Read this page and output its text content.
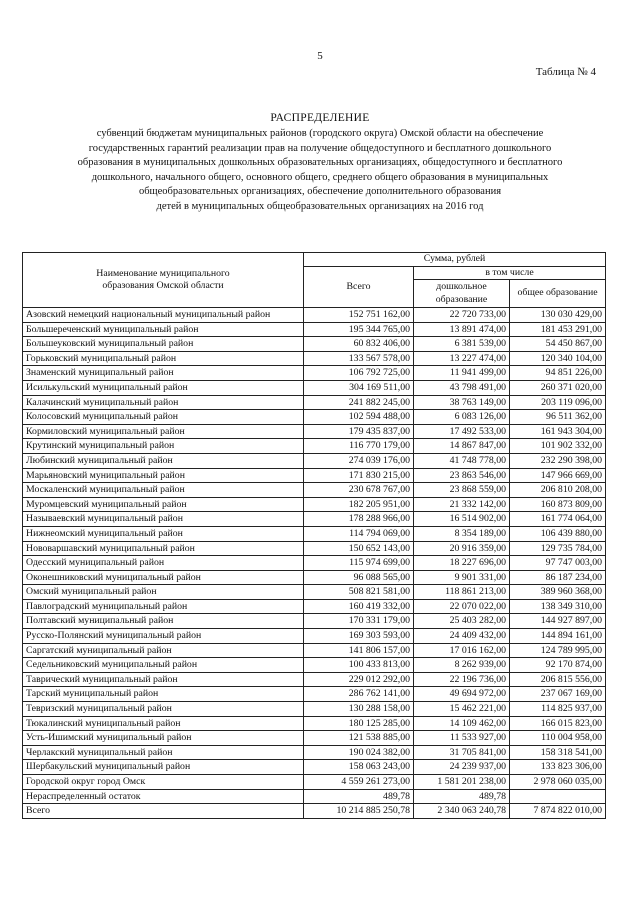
5
Таблица № 4
РАСПРЕДЕЛЕНИЕ
субвенций бюджетам муниципальных районов (городского округа) Омской области на обеспечение
государственных гарантий реализации прав на получение общедоступного и бесплатного дошкольного
образования в муниципальных дошкольных образовательных организациях, общедоступного и бесплатного
дошкольного, начального общего, основного общего, среднего общего образования в муниципальных
общеобразовательных организациях, обеспечение дополнительного образования
детей в муниципальных общеобразовательных организациях на 2016 год
Наименование муниципального образования Омской области	Сумма, рублей		
	Всего	в том числе	
		дошкольное образование	общее образование
Азовский немецкий национальный муниципальный район	152 751 162,00	22 720 733,00	130 030 429,00
Большереченский муниципальный район	195 344 765,00	13 891 474,00	181 453 291,00
Большеуковский муниципальный район	60 832 406,00	6 381 539,00	54 450 867,00
Горьковский муниципальный район	133 567 578,00	13 227 474,00	120 340 104,00
Знаменский муниципальный район	106 792 725,00	11 941 499,00	94 851 226,00
Исилькульский муниципальный район	304 169 511,00	43 798 491,00	260 371 020,00
Калачинский муниципальный район	241 882 245,00	38 763 149,00	203 119 096,00
Колосовский муниципальный район	102 594 488,00	6 083 126,00	96 511 362,00
Кормиловский муниципальный район	179 435 837,00	17 492 533,00	161 943 304,00
Крутинский муниципальный район	116 770 179,00	14 867 847,00	101 902 332,00
Любинский муниципальный район	274 039 176,00	41 748 778,00	232 290 398,00
Марьяновский муниципальный район	171 830 215,00	23 863 546,00	147 966 669,00
Москаленский муниципальный район	230 678 767,00	23 868 559,00	206 810 208,00
Муромцевский муниципальный район	182 205 951,00	21 332 142,00	160 873 809,00
Называевский муниципальный район	178 288 966,00	16 514 902,00	161 774 064,00
Нижнеомский муниципальный район	114 794 069,00	8 354 189,00	106 439 880,00
Нововаршавский муниципальный район	150 652 143,00	20 916 359,00	129 735 784,00
Одесский муниципальный район	115 974 699,00	18 227 696,00	97 747 003,00
Оконешниковский муниципальный район	96 088 565,00	9 901 331,00	86 187 234,00
Омский муниципальный район	508 821 581,00	118 861 213,00	389 960 368,00
Павлоградский муниципальный район	160 419 332,00	22 070 022,00	138 349 310,00
Полтавский муниципальный район	170 331 179,00	25 403 282,00	144 927 897,00
Русско-Полянский муниципальный район	169 303 593,00	24 409 432,00	144 894 161,00
Саргатский муниципальный район	141 806 157,00	17 016 162,00	124 789 995,00
Седельниковский муниципальный район	100 433 813,00	8 262 939,00	92 170 874,00
Таврический муниципальный район	229 012 292,00	22 196 736,00	206 815 556,00
Тарский муниципальный район	286 762 141,00	49 694 972,00	237 067 169,00
Тевризский муниципальный район	130 288 158,00	15 462 221,00	114 825 937,00
Тюкалинский муниципальный район	180 125 285,00	14 109 462,00	166 015 823,00
Усть-Ишимский муниципальный район	121 538 885,00	11 533 927,00	110 004 958,00
Черлакский муниципальный район	190 024 382,00	31 705 841,00	158 318 541,00
Шербакульский муниципальный район	158 063 243,00	24 239 937,00	133 823 306,00
Городской округ город Омск	4 559 261 273,00	1 581 201 238,00	2 978 060 035,00
Нераспределенный остаток	489,78	489,78	
Всего	10 214 885 250,78	2 340 063 240,78	7 874 822 010,00
